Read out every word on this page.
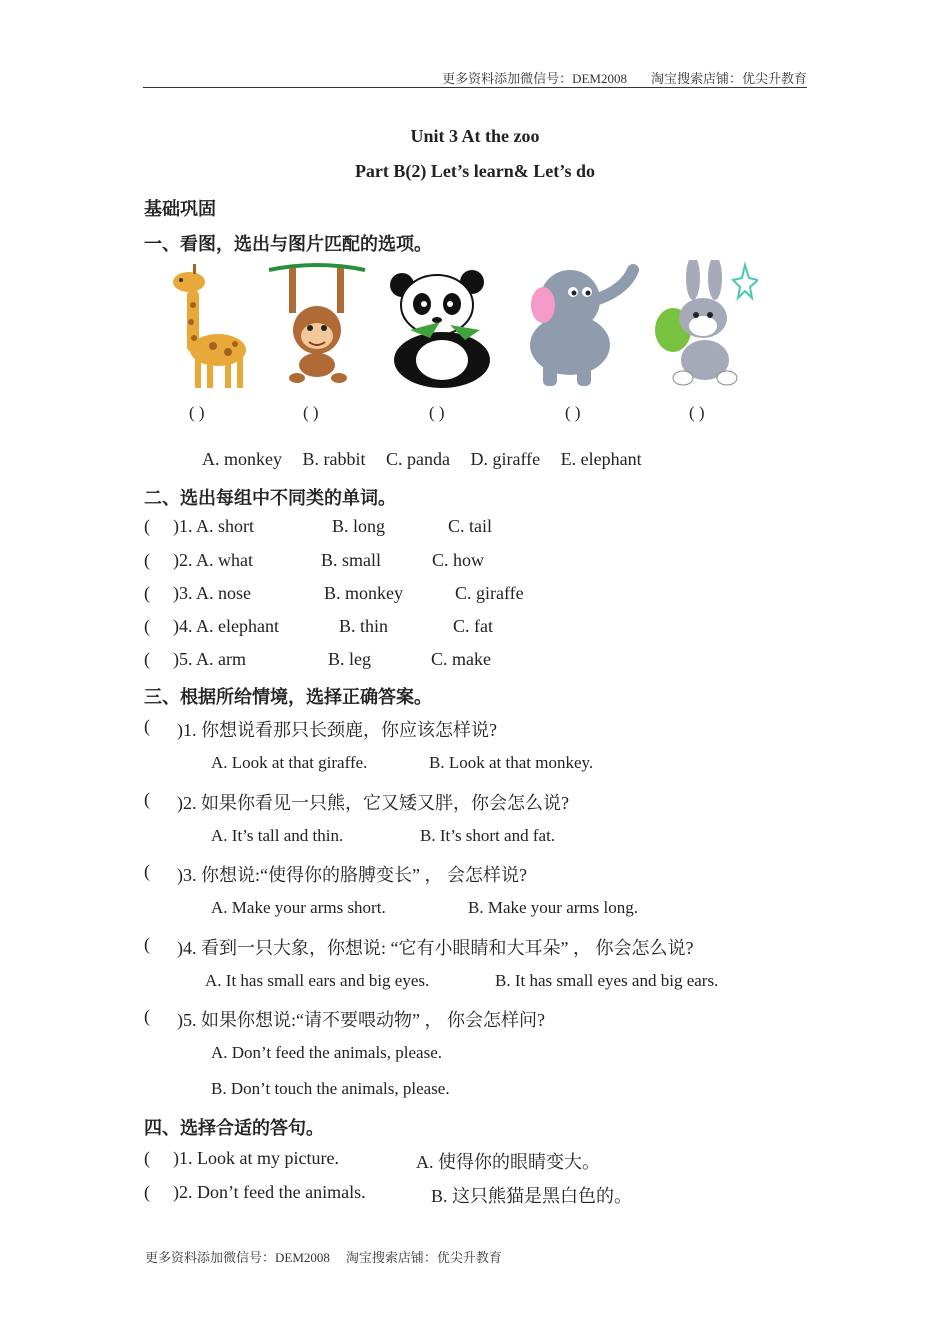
更多资料添加微信号：DEM2008 淘宝搜索店铺：优尖升教育
Unit 3 At the zoo
Part B(2) Let’s learn& Let’s do
基础巩固
一、看图，选出与图片匹配的选项。
( )	( )	( )	( )	( )
A. monkey B. rabbit C. panda D. giraffe E. elephant
二、选出每组中不同类的单词。
( )1. A. short	B. long	C. tail
( )2. A. what	B. small	C. how
( )3. A. nose	B. monkey	C. giraffe
( )4. A. elephant	B. thin	C. fat
( )5. A. arm	B. leg	C. make
三、根据所给情境，选择正确答案。
( )1. 你想说看那只长颈鹿，你应该怎样说?
A. Look at that giraffe.	B. Look at that monkey.
( )2. 如果你看见一只熊，它又矮又胖，你会怎么说?
A. It’s tall and thin.	B. It’s short and fat.
( )3. 你想说:“使得你的胳膊变长” ， 会怎样说?
A. Make your arms short.	B. Make your arms long.
( )4. 看到一只大象，你想说: “它有小眼睛和大耳朵” ， 你会怎么说?
A. It has small ears and big eyes.	B. It has small eyes and big ears.
( )5. 如果你想说:“请不要喂动物” ， 你会怎样问?
A. Don’t feed the animals, please.
B. Don’t touch the animals, please.
四、选择合适的答句。
( )1. Look at my picture.	A. 使得你的眼睛变大。
( )2. Don’t feed the animals.	B. 这只熊猫是黑白色的。
更多资料添加微信号：DEM2008 淘宝搜索店铺：优尖升教育
